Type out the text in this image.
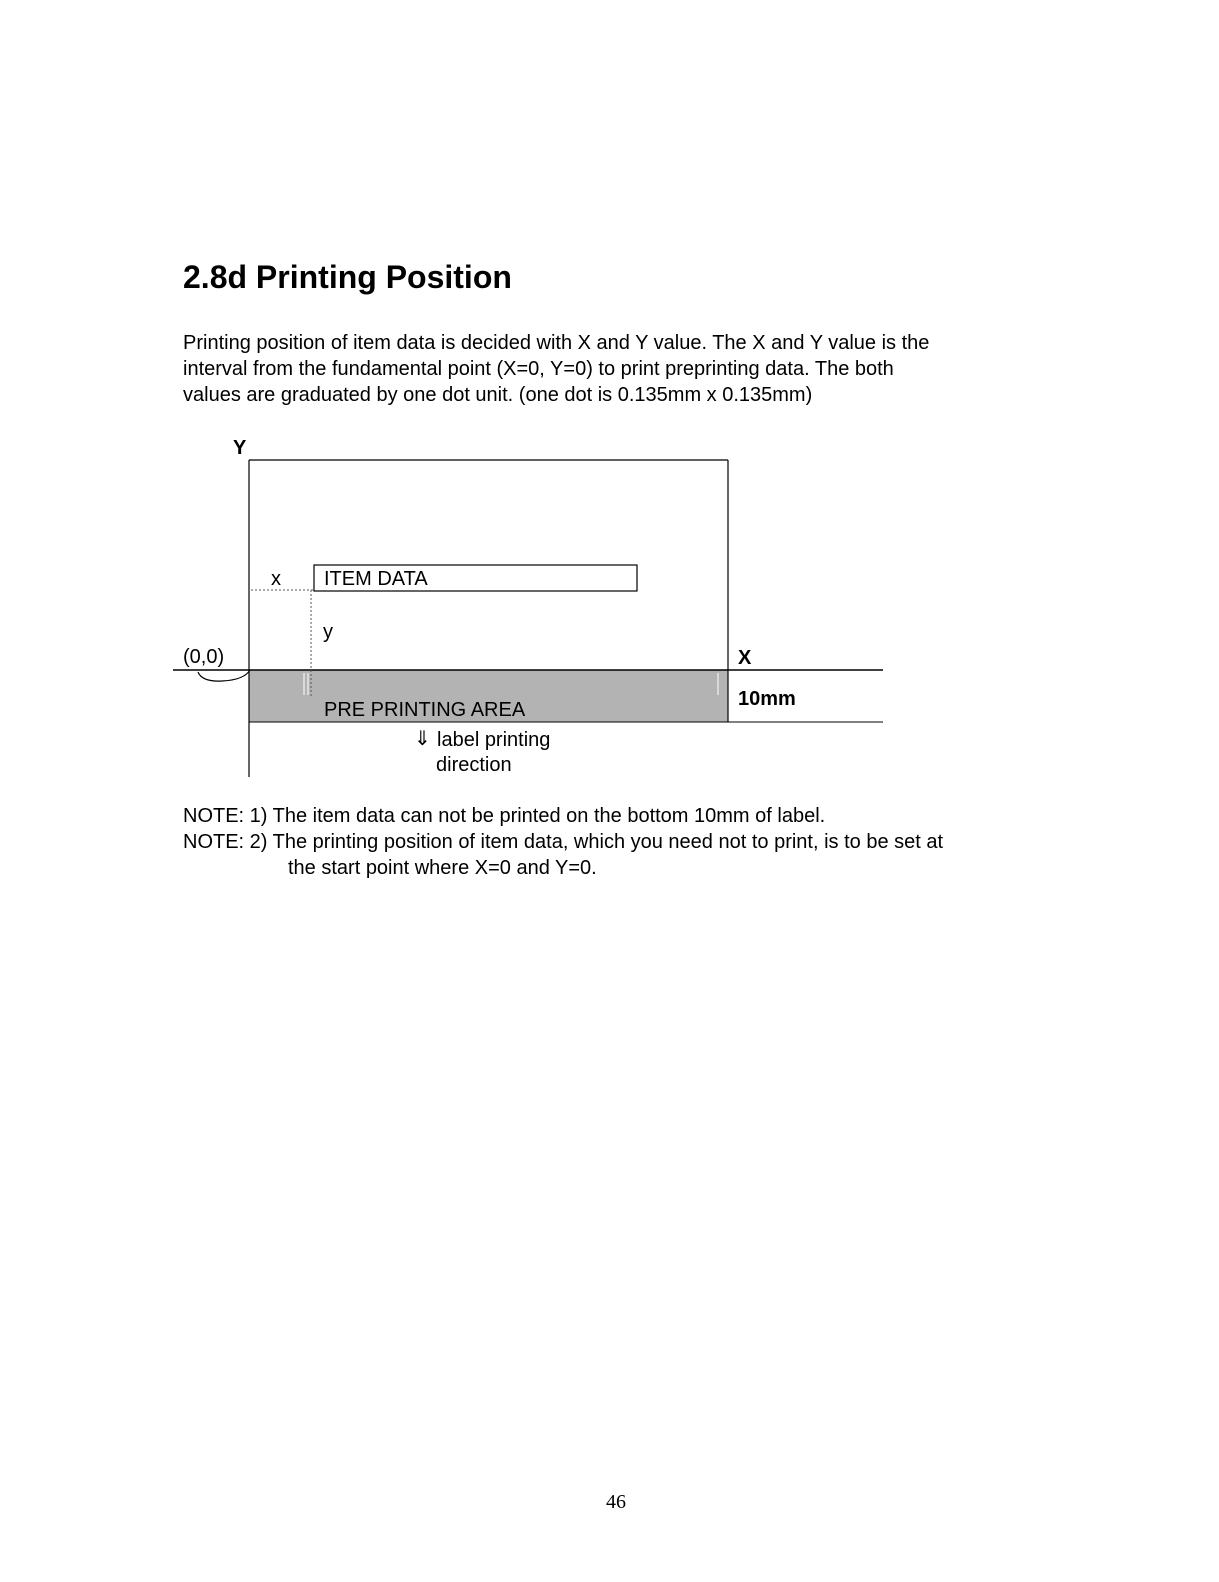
2.8d Printing Position
Printing position of item data is decided with X and Y value. The X and Y value is the
interval from the fundamental point (X=0, Y=0) to print preprinting data. The both
values are graduated by one dot unit. (one dot is 0.135mm x 0.135mm)
Y
x ITEM DATA
y
(0,0)	X
10mm
PRE PRINTING AREA
⇓ label printing
direction
NOTE: 1) The item data can not be printed on the bottom 10mm of label.
NOTE: 2) The printing position of item data, which you need not to print, is to be set at
the start point where X=0 and Y=0.
46
